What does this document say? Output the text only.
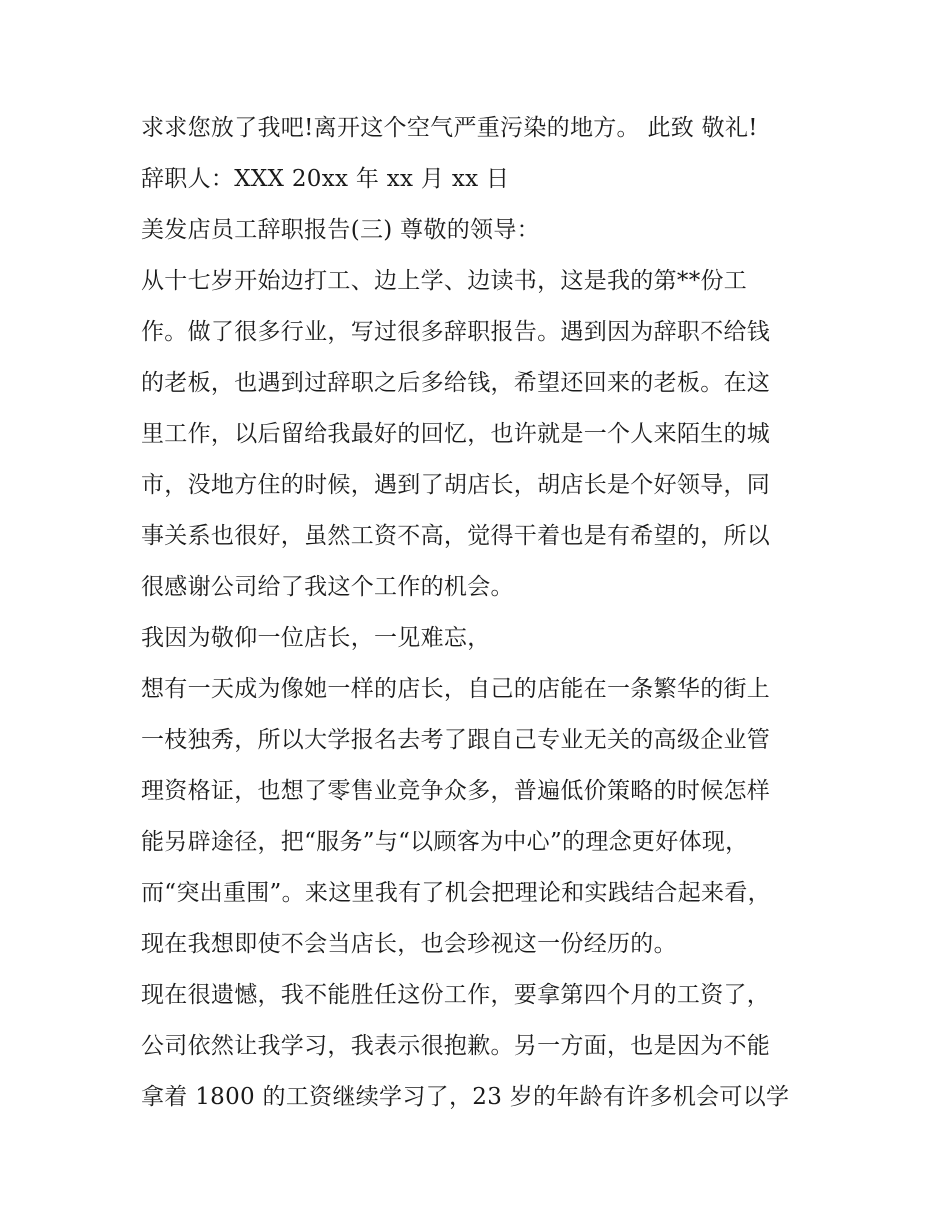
求求您放了我吧!离开这个空气严重污染的地方。 此致 敬礼!
辞职人：XXX 20xx 年 xx 月 xx 日
美发店员工辞职报告(三) 尊敬的领导：
从十七岁开始边打工、边上学、边读书，这是我的第**份工
作。做了很多行业，写过很多辞职报告。遇到因为辞职不给钱
的老板，也遇到过辞职之后多给钱，希望还回来的老板。在这
里工作，以后留给我最好的回忆，也许就是一个人来陌生的城
市，没地方住的时候，遇到了胡店长，胡店长是个好领导，同
事关系也很好，虽然工资不高，觉得干着也是有希望的，所以
很感谢公司给了我这个工作的机会。
我因为敬仰一位店长，一见难忘，
想有一天成为像她一样的店长，自己的店能在一条繁华的街上
一枝独秀，所以大学报名去考了跟自己专业无关的高级企业管
理资格证，也想了零售业竞争众多，普遍低价策略的时候怎样
能另辟途径，把“服务”与“以顾客为中心”的理念更好体现，
而“突出重围”。来这里我有了机会把理论和实践结合起来看，
现在我想即使不会当店长，也会珍视这一份经历的。
现在很遗憾，我不能胜任这份工作，要拿第四个月的工资了，
公司依然让我学习，我表示很抱歉。另一方面，也是因为不能
拿着 1800 的工资继续学习了，23 岁的年龄有许多机会可以学
